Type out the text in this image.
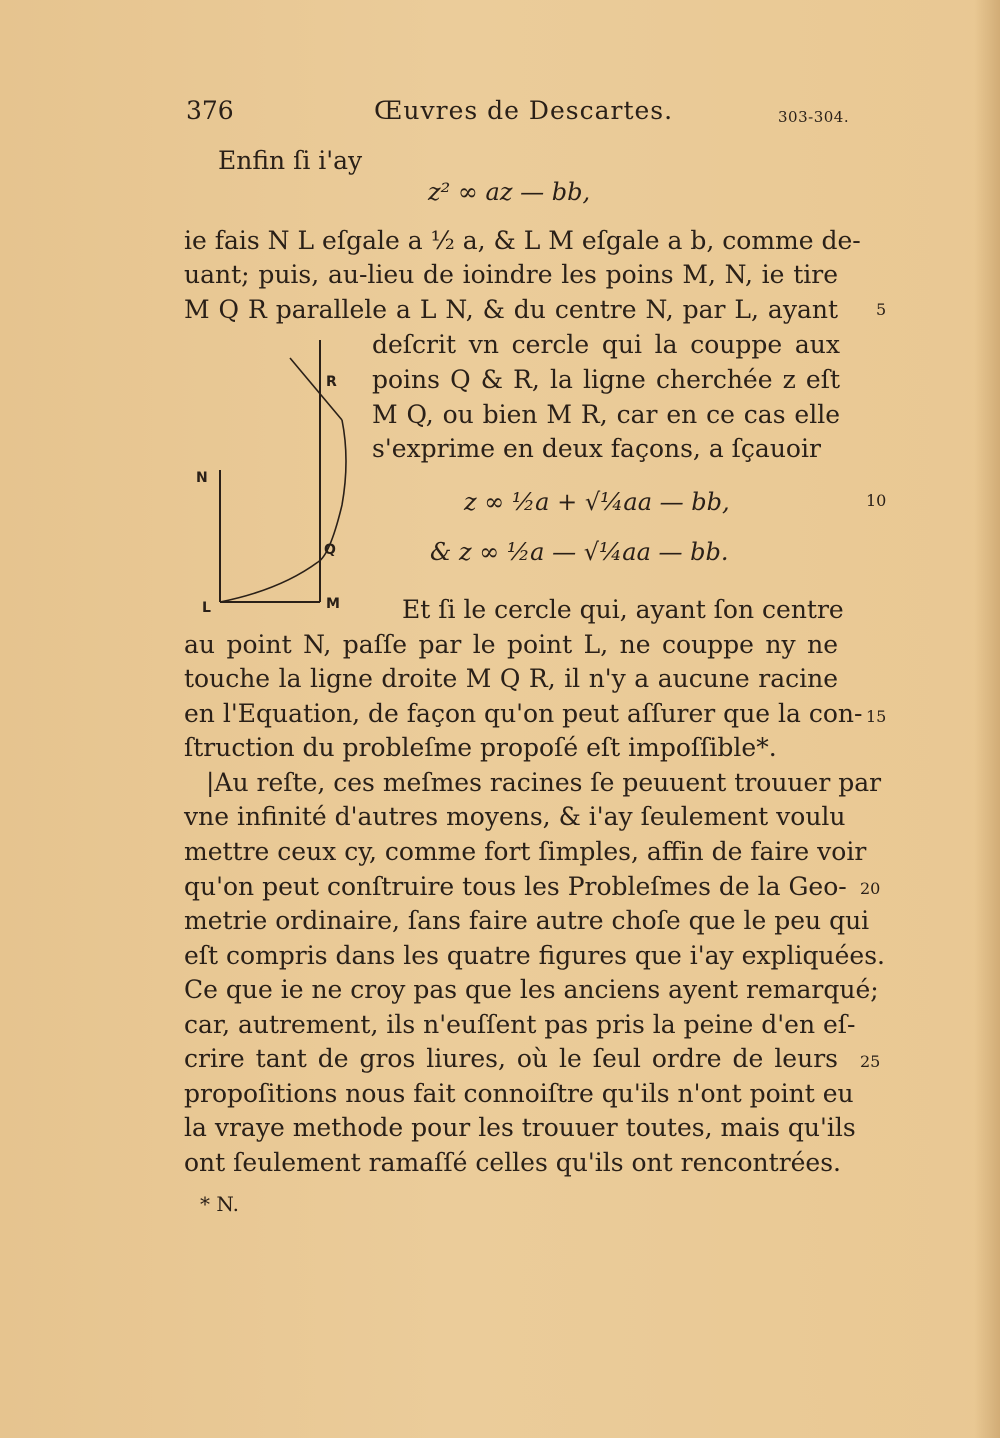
376	Œuvres de Descartes.	303-304.
Enfin ſi i'ay
z² ∞ az — bb,
ie fais N L eſgale a ½ a, & L M eſgale a b, comme de-
uant; puis, au-lieu de ioindre les poins M, N, ie tire
M Q R parallele a L N, & du centre N, par L, ayant 5
deſcrit vn cercle qui la couppe aux
poins Q & R, la ligne cherchée z eſt
M Q, ou bien M R, car en ce cas elle
s'exprime en deux façons, a ſçauoir
z ∞ ½a + √¼aa — bb,	10
& z ∞ ½a — √¼aa — bb.
R
N
Q
L	M Et ſi le cercle qui, ayant ſon centre
au point N, paſſe par le point L, ne couppe ny ne
touche la ligne droite M Q R, il n'y a aucune racine
en l'Equation, de façon qu'on peut aſſurer que la con- 15
ſtruction du probleſme propoſé eſt impoſſible*.
|Au reſte, ces meſmes racines ſe peuuent trouuer par
vne infinité d'autres moyens, & i'ay ſeulement voulu
mettre ceux cy, comme fort ſimples, affin de faire voir
qu'on peut conſtruire tous les Probleſmes de la Geo- 20
metrie ordinaire, ſans faire autre choſe que le peu qui
eſt compris dans les quatre figures que i'ay expliquées.
Ce que ie ne croy pas que les anciens ayent remarqué;
car, autrement, ils n'euſſent pas pris la peine d'en eſ-
crire tant de gros liures, où le ſeul ordre de leurs 25
propoſitions nous fait connoiſtre qu'ils n'ont point eu
la vraye methode pour les trouuer toutes, mais qu'ils
ont ſeulement ramaſſé celles qu'ils ont rencontrées.
* N.
